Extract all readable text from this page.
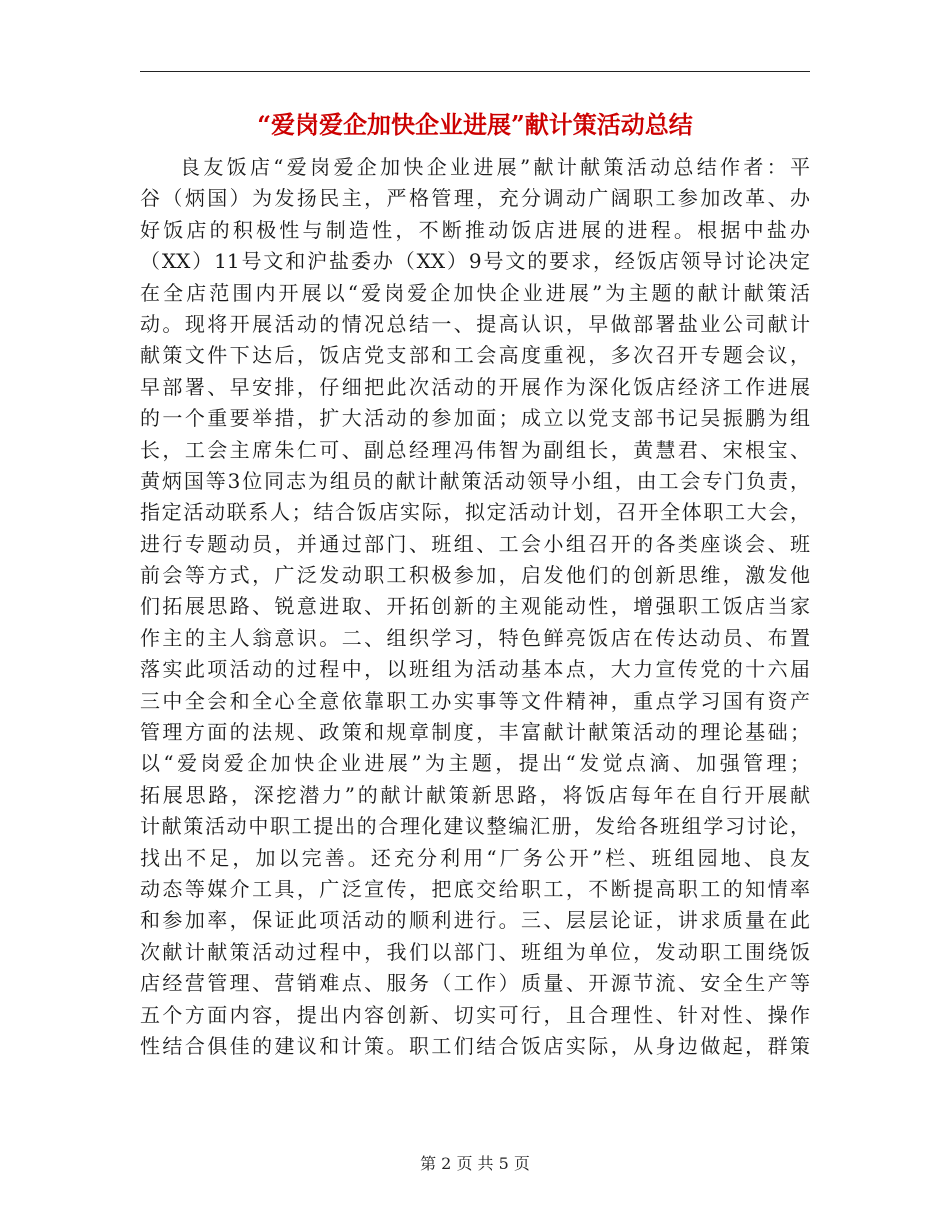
“爱岗爱企加快企业进展”献计策活动总结
良友饭店“爱岗爱企加快企业进展”献计献策活动总结作者：平
谷（炳国）为发扬民主，严格管理，充分调动广阔职工参加改革、办
好饭店的积极性与制造性，不断推动饭店进展的进程。根据中盐办
（XX）11号文和沪盐委办（XX）9号文的要求，经饭店领导讨论决定
在全店范围内开展以“爱岗爱企加快企业进展”为主题的献计献策活
动。现将开展活动的情况总结一、提高认识，早做部署盐业公司献计
献策文件下达后，饭店党支部和工会高度重视，多次召开专题会议，
早部署、早安排，仔细把此次活动的开展作为深化饭店经济工作进展
的一个重要举措，扩大活动的参加面；成立以党支部书记吴振鹏为组
长，工会主席朱仁可、副总经理冯伟智为副组长，黄慧君、宋根宝、
黄炳国等3位同志为组员的献计献策活动领导小组，由工会专门负责，
指定活动联系人；结合饭店实际，拟定活动计划，召开全体职工大会，
进行专题动员，并通过部门、班组、工会小组召开的各类座谈会、班
前会等方式，广泛发动职工积极参加，启发他们的创新思维，激发他
们拓展思路、锐意进取、开拓创新的主观能动性，增强职工饭店当家
作主的主人翁意识。二、组织学习，特色鲜亮饭店在传达动员、布置
落实此项活动的过程中，以班组为活动基本点，大力宣传党的十六届
三中全会和全心全意依靠职工办实事等文件精神，重点学习国有资产
管理方面的法规、政策和规章制度，丰富献计献策活动的理论基础；
以“爱岗爱企加快企业进展”为主题，提出“发觉点滴、加强管理；
拓展思路，深挖潜力”的献计献策新思路，将饭店每年在自行开展献
计献策活动中职工提出的合理化建议整编汇册，发给各班组学习讨论，
找出不足，加以完善。还充分利用“厂务公开”栏、班组园地、良友
动态等媒介工具，广泛宣传，把底交给职工，不断提高职工的知情率
和参加率，保证此项活动的顺利进行。三、层层论证，讲求质量在此
次献计献策活动过程中，我们以部门、班组为单位，发动职工围绕饭
店经营管理、营销难点、服务（工作）质量、开源节流、安全生产等
五个方面内容，提出内容创新、切实可行，且合理性、针对性、操作
性结合俱佳的建议和计策。职工们结合饭店实际，从身边做起，群策
第 2 页 共 5 页
